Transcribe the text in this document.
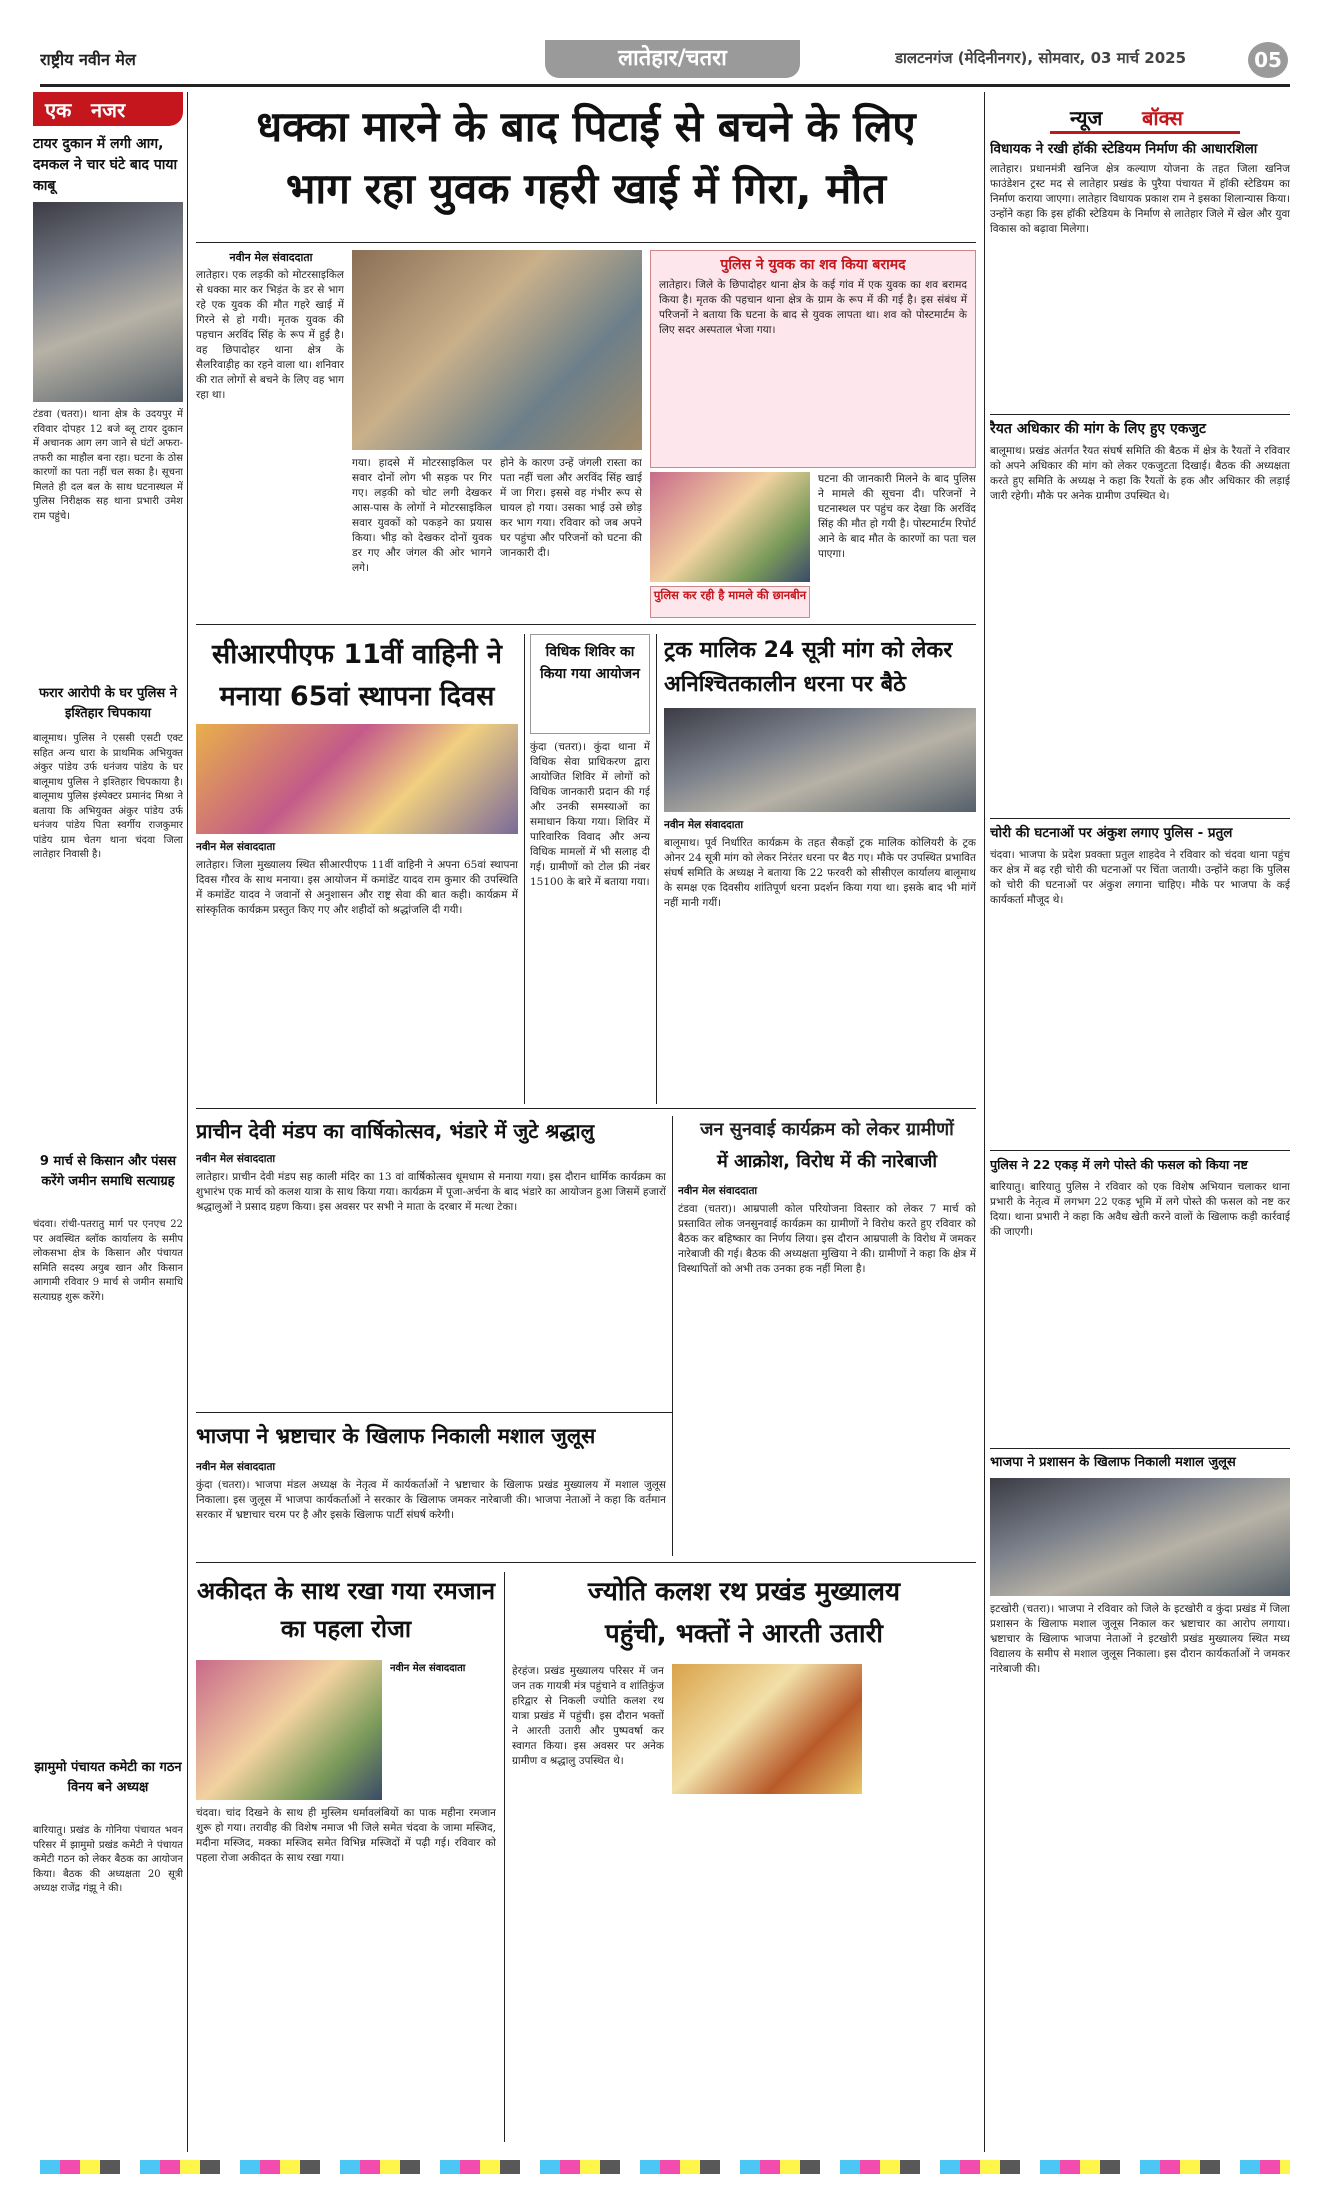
राष्ट्रीय नवीन मेल	लातेहार/चतरा	डालटनगंज (मेदिनीनगर), सोमवार, 03 मार्च 2025	05
एक नजर
टायर दुकान में लगी आग, दमकल ने चार घंटे बाद पाया काबू
टंडवा (चतरा)। थाना क्षेत्र के उदयपुर में रविवार दोपहर 12 बजे ब्लू टायर दुकान में अचानक आग लग जाने से घंटों अफरा-तफरी का माहौल बना रहा। घटना के ठोस कारणों का पता नहीं चल सका है। सूचना मिलते ही दल बल के साथ घटनास्थल में पुलिस निरीक्षक सह थाना प्रभारी उमेश राम पहुंचे।
फरार आरोपी के घर पुलिस ने इश्तिहार चिपकाया
बालूमाथ। पुलिस ने एससी एसटी एक्ट सहित अन्य धारा के प्राथमिक अभियुक्त अंकुर पांडेय उर्फ धनंजय पांडेय के घर बालूमाथ पुलिस ने इश्तिहार चिपकाया है। बालूमाथ पुलिस इंस्पेक्टर प्रमानंद मिश्रा ने बताया कि अभियुक्त अंकुर पांडेय उर्फ धनंजय पांडेय पिता स्वर्गीय राजकुमार पांडेय ग्राम चेतग थाना चंदवा जिला लातेहार निवासी है।
9 मार्च से किसान और पंसस करेंगे जमीन समाधि सत्याग्रह
चंदवा। रांची-पतरातु मार्ग पर एनएच 22 पर अवस्थित ब्लॉक कार्यालय के समीप लोकसभा क्षेत्र के किसान और पंचायत समिति सदस्य अयुब खान और किसान आगामी रविवार 9 मार्च से जमीन समाधि सत्याग्रह शुरू करेंगे।
झामुमो पंचायत कमेटी का गठन विनय बने अध्यक्ष
बारियातु। प्रखंड के गोनिया पंचायत भवन परिसर में झामुमो प्रखंड कमेटी ने पंचायत कमेटी गठन को लेकर बैठक का आयोजन किया। बैठक की अध्यक्षता 20 सूत्री अध्यक्ष राजेंद्र गंझू ने की।
धक्का मारने के बाद पिटाई से बचने के लिए
भाग रहा युवक गहरी खाई में गिरा, मौत
नवीन मेल संवाददाता
लातेहार। एक लड़की को मोटरसाइकिल से धक्का मार कर भिड़ंत के डर से भाग रहे एक युवक की मौत गहरे खाई में गिरने से हो गयी। मृतक युवक की पहचान अरविंद सिंह के रूप में हुई है। वह छिपादोहर थाना क्षेत्र के सैलरिवाड़ीह का रहने वाला था। शनिवार की रात लोगों से बचने के लिए वह भाग रहा था।
गया। हादसे में मोटरसाइकिल पर सवार दोनों लोग भी सड़क पर गिर गए। लड़की को चोट लगी देखकर आस-पास के लोगों ने मोटरसाइकिल सवार युवकों को पकड़ने का प्रयास किया। भीड़ को देखकर दोनों युवक डर गए और जंगल की ओर भागने लगे।
होने के कारण उन्हें जंगली रास्ता का पता नहीं चला और अरविंद सिंह खाई में जा गिरा। इससे वह गंभीर रूप से घायल हो गया। उसका भाई उसे छोड़ कर भाग गया। रविवार को जब अपने घर पहुंचा और परिजनों को घटना की जानकारी दी।
पुलिस ने युवक का शव किया बरामद
लातेहार। जिले के छिपादोहर थाना क्षेत्र के कई गांव में एक युवक का शव बरामद किया है। मृतक की पहचान थाना क्षेत्र के ग्राम के रूप में की गई है। इस संबंध में परिजनों ने बताया कि घटना के बाद से युवक लापता था। शव को पोस्टमार्टम के लिए सदर अस्पताल भेजा गया।
पुलिस कर रही है मामले की छानबीन
घटना की जानकारी मिलने के बाद पुलिस ने मामले की सूचना दी। परिजनों ने घटनास्थल पर पहुंच कर देखा कि अरविंद सिंह की मौत हो गयी है। पोस्टमार्टम रिपोर्ट आने के बाद मौत के कारणों का पता चल पाएगा।
सीआरपीएफ 11वीं वाहिनी ने मनाया 65वां स्थापना दिवस
नवीन मेल संवाददाता
लातेहार। जिला मुख्यालय स्थित सीआरपीएफ 11वीं वाहिनी ने अपना 65वां स्थापना दिवस गौरव के साथ मनाया। इस आयोजन में कमांडेंट यादव राम कुमार की उपस्थिति में कमांडेंट यादव ने जवानों से अनुशासन और राष्ट्र सेवा की बात कही। कार्यक्रम में सांस्कृतिक कार्यक्रम प्रस्तुत किए गए और शहीदों को श्रद्धांजलि दी गयी।
विधिक शिविर का किया गया आयोजन
कुंदा (चतरा)। कुंदा थाना में विधिक सेवा प्राधिकरण द्वारा आयोजित शिविर में लोगों को विधिक जानकारी प्रदान की गई और उनकी समस्याओं का समाधान किया गया। शिविर में पारिवारिक विवाद और अन्य विधिक मामलों में भी सलाह दी गई। ग्रामीणों को टोल फ्री नंबर 15100 के बारे में बताया गया।
ट्रक मालिक 24 सूत्री मांग को लेकर अनिश्चितकालीन धरना पर बैठे
नवीन मेल संवाददाता
बालूमाथ। पूर्व निर्धारित कार्यक्रम के तहत सैकड़ों ट्रक मालिक कोलियरी के ट्रक ओनर 24 सूत्री मांग को लेकर निरंतर धरना पर बैठ गए। मौके पर उपस्थित प्रभावित संघर्ष समिति के अध्यक्ष ने बताया कि 22 फरवरी को सीसीएल कार्यालय बालूमाथ के समक्ष एक दिवसीय शांतिपूर्ण धरना प्रदर्शन किया गया था। इसके बाद भी मांगें नहीं मानी गयीं।
प्राचीन देवी मंडप का वार्षिकोत्सव, भंडारे में जुटे श्रद्धालु
नवीन मेल संवाददाता
लातेहार। प्राचीन देवी मंडप सह काली मंदिर का 13 वां वार्षिकोत्सव धूमधाम से मनाया गया। इस दौरान धार्मिक कार्यक्रम का शुभारंभ एक मार्च को कलश यात्रा के साथ किया गया। कार्यक्रम में पूजा-अर्चना के बाद भंडारे का आयोजन हुआ जिसमें हजारों श्रद्धालुओं ने प्रसाद ग्रहण किया। इस अवसर पर सभी ने माता के दरबार में मत्था टेका।
जन सुनवाई कार्यक्रम को लेकर ग्रामीणों
में आक्रोश, विरोध में की नारेबाजी
नवीन मेल संवाददाता
टंडवा (चतरा)। आम्रपाली कोल परियोजना विस्तार को लेकर 7 मार्च को प्रस्तावित लोक जनसुनवाई कार्यक्रम का ग्रामीणों ने विरोध करते हुए रविवार को बैठक कर बहिष्कार का निर्णय लिया। इस दौरान आम्रपाली के विरोध में जमकर नारेबाजी की गई। बैठक की अध्यक्षता मुखिया ने की। ग्रामीणों ने कहा कि क्षेत्र में विस्थापितों को अभी तक उनका हक नहीं मिला है।
भाजपा ने भ्रष्टाचार के खिलाफ निकाली मशाल जुलूस
नवीन मेल संवाददाता
कुंदा (चतरा)। भाजपा मंडल अध्यक्ष के नेतृत्व में कार्यकर्ताओं ने भ्रष्टाचार के खिलाफ प्रखंड मुख्यालय में मशाल जुलूस निकाला। इस जुलूस में भाजपा कार्यकर्ताओं ने सरकार के खिलाफ जमकर नारेबाजी की। भाजपा नेताओं ने कहा कि वर्तमान सरकार में भ्रष्टाचार चरम पर है और इसके खिलाफ पार्टी संघर्ष करेगी।
अकीदत के साथ रखा गया रमजान का पहला रोजा
नवीन मेल संवाददाता
चंदवा। चांद दिखने के साथ ही मुस्लिम धर्मावलंबियों का पाक महीना रमजान शुरू हो गया। तरावीह की विशेष नमाज भी जिले समेत चंदवा के जामा मस्जिद, मदीना मस्जिद, मक्का मस्जिद समेत विभिन्न मस्जिदों में पढ़ी गई। रविवार को पहला रोजा अकीदत के साथ रखा गया।
ज्योति कलश रथ प्रखंड मुख्यालय
पहुंची, भक्तों ने आरती उतारी
हेरहंज। प्रखंड मुख्यालय परिसर में जन जन तक गायत्री मंत्र पहुंचाने व शांतिकुंज हरिद्वार से निकली ज्योति कलश रथ यात्रा प्रखंड में पहुंची। इस दौरान भक्तों ने आरती उतारी और पुष्पवर्षा कर स्वागत किया। इस अवसर पर अनेक ग्रामीण व श्रद्धालु उपस्थित थे।
न्यूज बॉक्स
विधायक ने रखी हॉकी स्टेडियम निर्माण की आधारशिला
लातेहार। प्रधानमंत्री खनिज क्षेत्र कल्याण योजना के तहत जिला खनिज फाउंडेशन ट्रस्ट मद से लातेहार प्रखंड के पुरैया पंचायत में हॉकी स्टेडियम का निर्माण कराया जाएगा। लातेहार विधायक प्रकाश राम ने इसका शिलान्यास किया। उन्होंने कहा कि इस हॉकी स्टेडियम के निर्माण से लातेहार जिले में खेल और युवा विकास को बढ़ावा मिलेगा।
रैयत अधिकार की मांग के लिए हुए एकजुट
बालूमाथ। प्रखंड अंतर्गत रैयत संघर्ष समिति की बैठक में क्षेत्र के रैयतों ने रविवार को अपने अधिकार की मांग को लेकर एकजुटता दिखाई। बैठक की अध्यक्षता करते हुए समिति के अध्यक्ष ने कहा कि रैयतों के हक और अधिकार की लड़ाई जारी रहेगी। मौके पर अनेक ग्रामीण उपस्थित थे।
चोरी की घटनाओं पर अंकुश लगाए पुलिस - प्रतुल
चंदवा। भाजपा के प्रदेश प्रवक्ता प्रतुल शाहदेव ने रविवार को चंदवा थाना पहुंच कर क्षेत्र में बढ़ रही चोरी की घटनाओं पर चिंता जतायी। उन्होंने कहा कि पुलिस को चोरी की घटनाओं पर अंकुश लगाना चाहिए। मौके पर भाजपा के कई कार्यकर्ता मौजूद थे।
पुलिस ने 22 एकड़ में लगे पोस्ते की फसल को किया नष्ट
बारियातु। बारियातु पुलिस ने रविवार को एक विशेष अभियान चलाकर थाना प्रभारी के नेतृत्व में लगभग 22 एकड़ भूमि में लगे पोस्ते की फसल को नष्ट कर दिया। थाना प्रभारी ने कहा कि अवैध खेती करने वालों के खिलाफ कड़ी कार्रवाई की जाएगी।
भाजपा ने प्रशासन के खिलाफ निकाली मशाल जुलूस
इटखोरी (चतरा)। भाजपा ने रविवार को जिले के इटखोरी व कुंदा प्रखंड में जिला प्रशासन के खिलाफ मशाल जुलूस निकाल कर भ्रष्टाचार का आरोप लगाया। भ्रष्टाचार के खिलाफ भाजपा नेताओं ने इटखोरी प्रखंड मुख्यालय स्थित मध्य विद्यालय के समीप से मशाल जुलूस निकाला। इस दौरान कार्यकर्ताओं ने जमकर नारेबाजी की।
